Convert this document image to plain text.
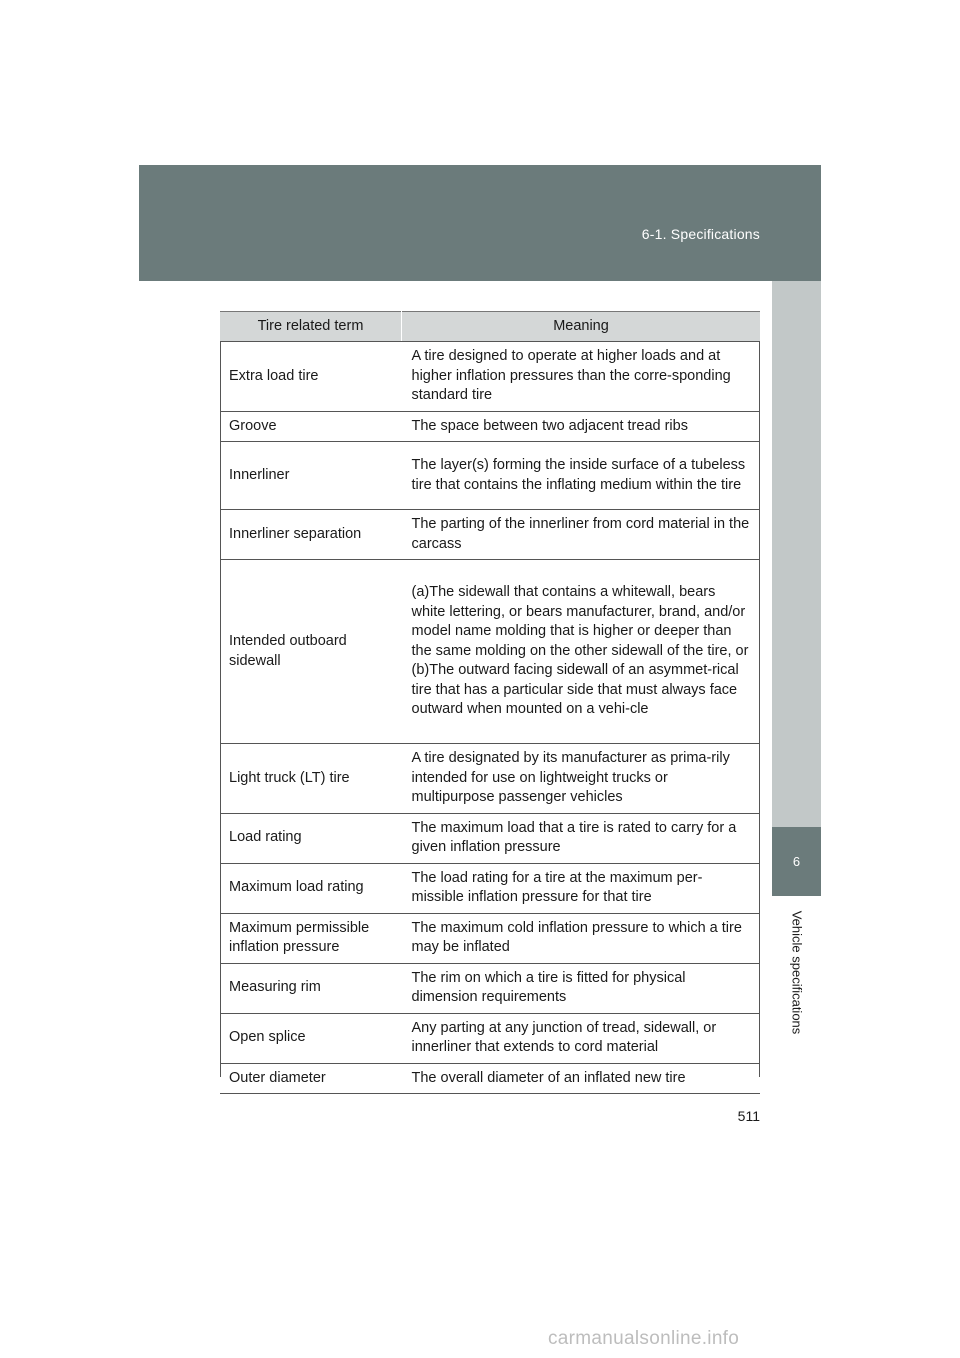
6-1. Specifications
6
Vehicle specifications
Tire related term	Meaning
Extra load tire	A tire designed to operate at higher loads and at higher inflation pressures than the corre-sponding standard tire
Groove	The space between two adjacent tread ribs
Innerliner	The layer(s) forming the inside surface of a tubeless tire that contains the inflating medium within the tire
Innerliner separation	The parting of the innerliner from cord material in the carcass
Intended outboard sidewall	(a)The sidewall that contains a whitewall, bears white lettering, or bears manufacturer, brand, and/or model name molding that is higher or deeper than the same molding on the other sidewall of the tire, or (b)The outward facing sidewall of an asymmet-rical tire that has a particular side that must always face outward when mounted on a vehi-cle
Light truck (LT) tire	A tire designated by its manufacturer as prima-rily intended for use on lightweight trucks or multipurpose passenger vehicles
Load rating	The maximum load that a tire is rated to carry for a given inflation pressure
Maximum load rating	The load rating for a tire at the maximum per-missible inflation pressure for that tire
Maximum permissible inflation pressure	The maximum cold inflation pressure to which a tire may be inflated
Measuring rim	The rim on which a tire is fitted for physical dimension requirements
Open splice	Any parting at any junction of tread, sidewall, or innerliner that extends to cord material
Outer diameter	The overall diameter of an inflated new tire
511
carmanualsonline.info
